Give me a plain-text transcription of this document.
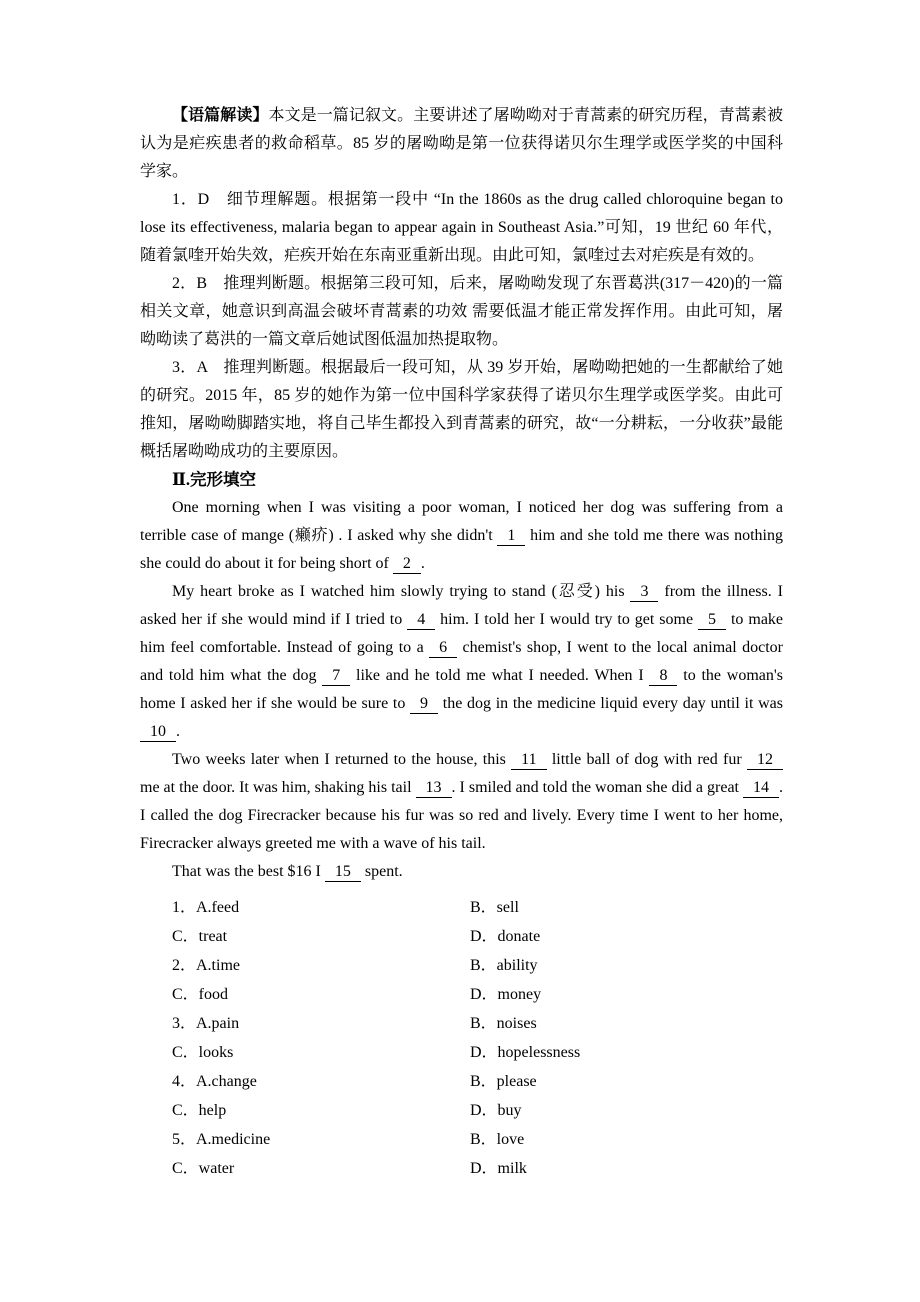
【语篇解读】本文是一篇记叙文。主要讲述了屠呦呦对于青蒿素的研究历程，青蒿素被认为是疟疾患者的救命稻草。85 岁的屠呦呦是第一位获得诺贝尔生理学或医学奖的中国科学家。

1．D　细节理解题。根据第一段中 “In the 1860s as the drug called chloroquine began to lose its effectiveness, malaria began to appear again in Southeast Asia.”可知，19 世纪 60 年代，随着氯喹开始失效，疟疾开始在东南亚重新出现。由此可知，氯喹过去对疟疾是有效的。

2．B　推理判断题。根据第三段可知，后来，屠呦呦发现了东晋葛洪(317－420)的一篇相关文章，她意识到高温会破坏青蒿素的功效 需要低温才能正常发挥作用。由此可知，屠呦呦读了葛洪的一篇文章后她试图低温加热提取物。

3．A　推理判断题。根据最后一段可知，从 39 岁开始，屠呦呦把她的一生都献给了她的研究。2015 年，85 岁的她作为第一位中国科学家获得了诺贝尔生理学或医学奖。由此可推知，屠呦呦脚踏实地，将自己毕生都投入到青蒿素的研究，故“一分耕耘，一分收获”最能概括屠呦呦成功的主要原因。

Ⅱ.完形填空

One morning when I was visiting a poor woman, I noticed her dog was suffering from a terrible case of mange (癞疥) . I asked why she didn't 1 him and she told me there was nothing she could do about it for being short of 2 .

My heart broke as I watched him slowly trying to stand (忍受) his 3 from the illness. I asked her if she would mind if I tried to 4 him. I told her I would try to get some 5 to make him feel comfortable. Instead of going to a 6 chemist's shop, I went to the local animal doctor and told him what the dog 7 like and he told me what I needed. When I 8 to the woman's home I asked her if she would be sure to 9 the dog in the medicine liquid every day until it was 10 .

Two weeks later when I returned to the house, this 11 little ball of dog with red fur 12 me at the door. It was him, shaking his tail 13 . I smiled and told the woman she did a great 14 . I called the dog Firecracker because his fur was so red and lively. Every time I went to her home, Firecracker always greeted me with a wave of his tail.

That was the best $16 I 15 spent.

1．A.feed	B．sell
C．treat	D．donate
2．A.time	B．ability
C．food	D．money
3．A.pain	B．noises
C．looks	D．hopelessness
4．A.change	B．please
C．help	D．buy
5．A.medicine	B．love
C．water	D．milk
